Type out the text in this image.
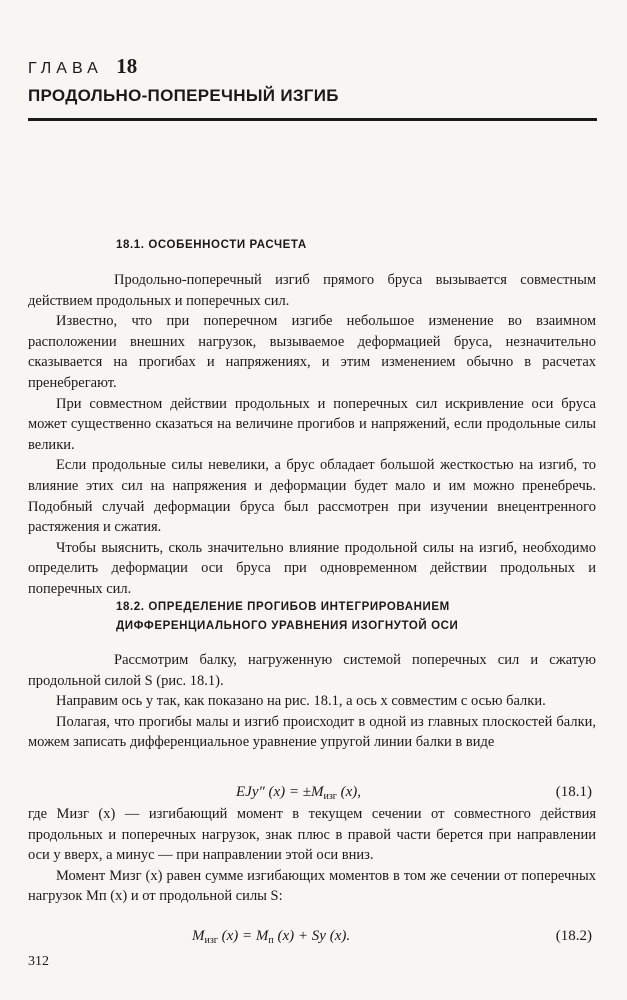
ГЛАВА 18
ПРОДОЛЬНО-ПОПЕРЕЧНЫЙ ИЗГИБ
18.1. ОСОБЕННОСТИ РАСЧЕТА

Продольно-поперечный изгиб прямого бруса вызывается совместным действием продольных и поперечных сил.

Известно, что при поперечном изгибе небольшое изменение во взаимном расположении внешних нагрузок, вызываемое деформацией бруса, незначительно сказывается на прогибах и напряжениях, и этим изменением обычно в расчетах пренебрегают.

При совместном действии продольных и поперечных сил искривление оси бруса может существенно сказаться на величине прогибов и напряжений, если продольные силы велики.

Если продольные силы невелики, а брус обладает большой жесткостью на изгиб, то влияние этих сил на напряжения и деформации будет мало и им можно пренебречь. Подобный случай деформации бруса был рассмотрен при изучении внецентренного растяжения и сжатия.

Чтобы выяснить, сколь значительно влияние продольной силы на изгиб, необходимо определить деформации оси бруса при одновременном действии продольных и поперечных сил.

18.2. ОПРЕДЕЛЕНИЕ ПРОГИБОВ ИНТЕГРИРОВАНИЕМ
ДИФФЕРЕНЦИАЛЬНОГО УРАВНЕНИЯ ИЗОГНУТОЙ ОСИ

Рассмотрим балку, нагруженную системой поперечных сил и сжатую продольной силой S (рис. 18.1).

Направим ось y так, как показано на рис. 18.1, а ось x совместим с осью балки.

Полагая, что прогибы малы и изгиб происходит в одной из главных плоскостей балки, можем записать дифференциальное уравнение упругой линии балки в виде

EJy″ $(x) = \pm M_{изг}$ (x),	(18.1)

где Mизг (x) — изгибающий момент в текущем сечении от совместного действия продольных и поперечных нагрузок, знак плюс в правой части берется при направлении оси y вверх, а минус — при направлении этой оси вниз.

Момент Mизг (x) равен сумме изгибающих моментов в том же сечении от поперечных нагрузок Mп (x) и от продольной силы S:

$M_{изг}$ $(x) = M_п$ (x) + Sy (x).	(18.2)
312
